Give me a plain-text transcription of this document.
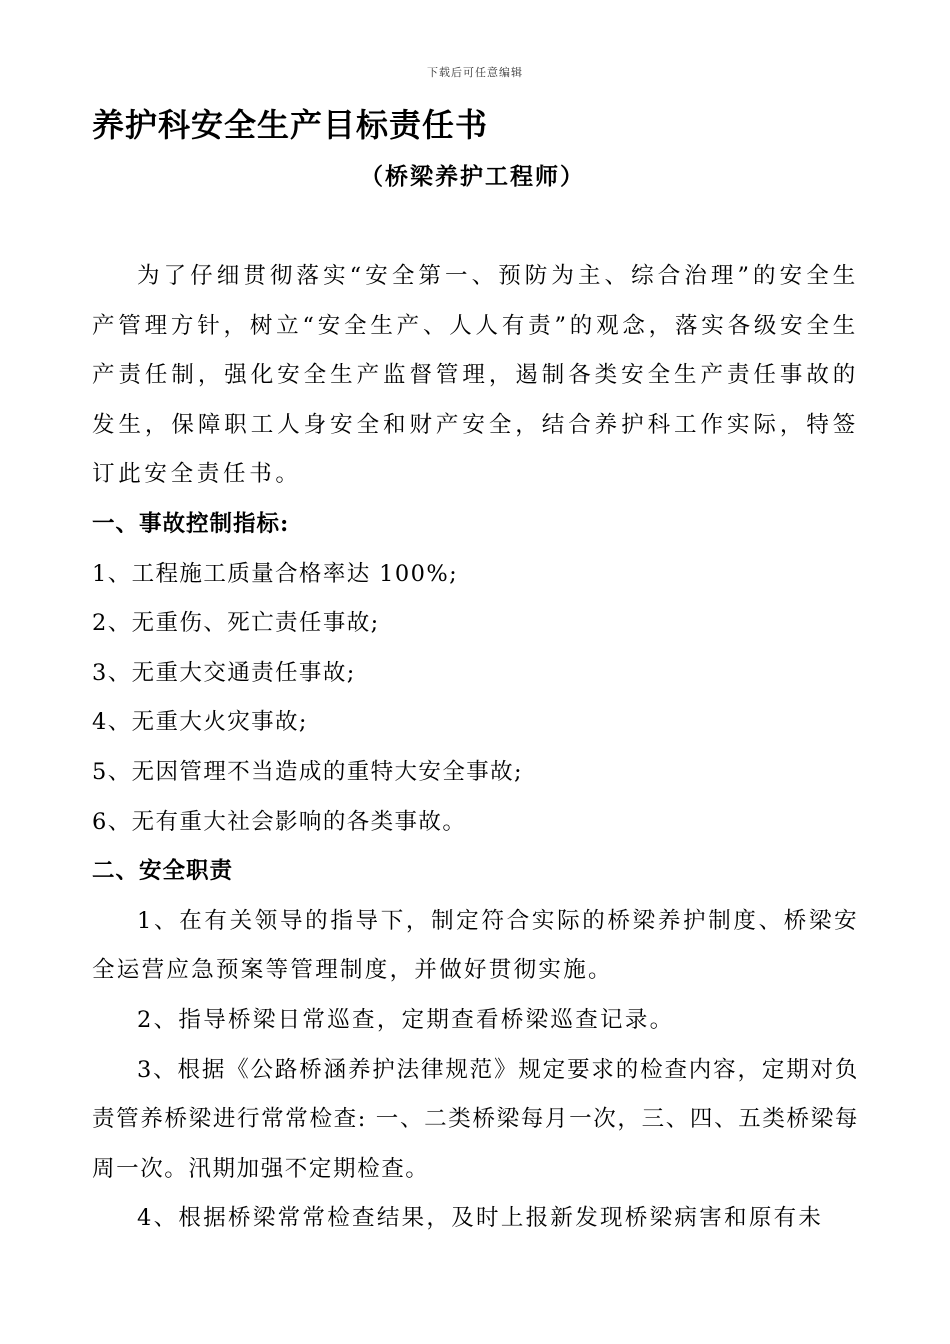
下载后可任意编辑
养护科安全生产目标责任书
（桥梁养护工程师）

为了仔细贯彻落实“安全第一、预防为主、综合治理”的安全生产管理方针，树立“安全生产、人人有责”的观念，落实各级安全生产责任制，强化安全生产监督管理，遏制各类安全生产责任事故的发生，保障职工人身安全和财产安全，结合养护科工作实际，特签订此安全责任书。

一、事故控制指标:

1、工程施工质量合格率达 100%;

2、无重伤、死亡责任事故;

3、无重大交通责任事故;

4、无重大火灾事故;

5、无因管理不当造成的重特大安全事故;

6、无有重大社会影响的各类事故。

二、安全职责

1、在有关领导的指导下，制定符合实际的桥梁养护制度、桥梁安全运营应急预案等管理制度，并做好贯彻实施。

2、指导桥梁日常巡查，定期查看桥梁巡查记录。

3、根据《公路桥涵养护法律规范》规定要求的检查内容，定期对负责管养桥梁进行常常检查: 一、二类桥梁每月一次，三、四、五类桥梁每周一次。汛期加强不定期检查。

4、根据桥梁常常检查结果，及时上报新发现桥梁病害和原有未
